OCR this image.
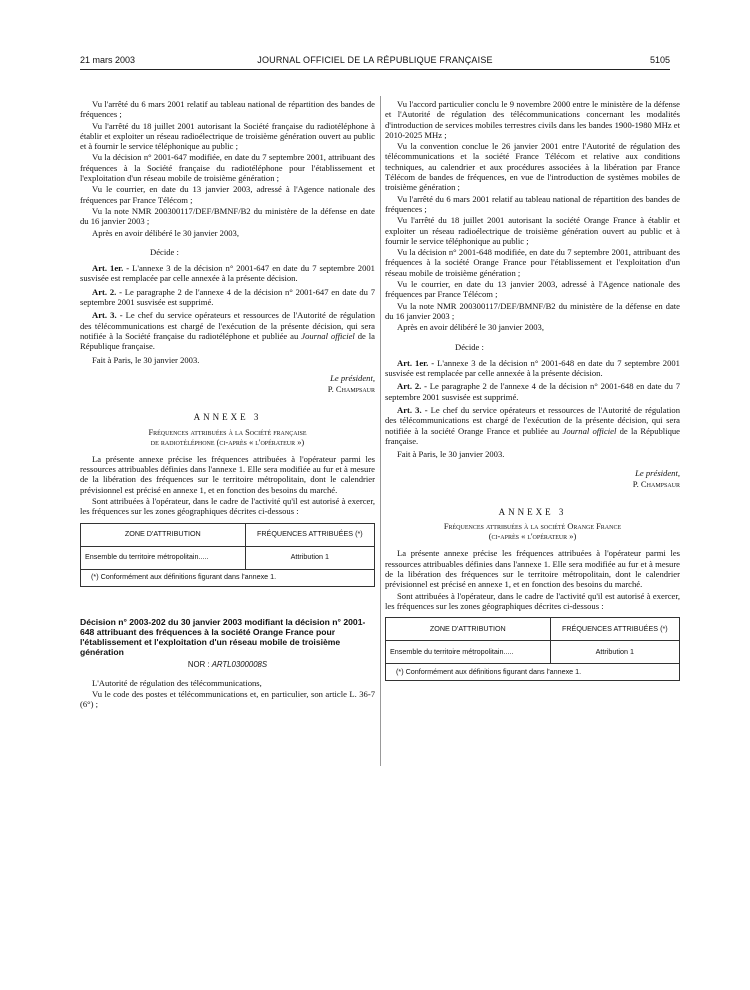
21 mars 2003	JOURNAL OFFICIEL DE LA RÉPUBLIQUE FRANÇAISE	5105

Vu l'arrêté du 6 mars 2001 relatif au tableau national de répartition des bandes de fréquences ;

Vu l'arrêté du 18 juillet 2001 autorisant la Société française du radiotéléphone à établir et exploiter un réseau radioélectrique de troisième génération ouvert au public et à fournir le service téléphonique au public ;

Vu la décision n° 2001-647 modifiée, en date du 7 septembre 2001, attribuant des fréquences à la Société française du radiotéléphone pour l'établissement et l'exploitation d'un réseau mobile de troisième génération ;

Vu le courrier, en date du 13 janvier 2003, adressé à l'Agence nationale des fréquences par France Télécom ;

Vu la note NMR 200300117/DEF/BMNF/B2 du ministère de la défense en date du 16 janvier 2003 ;

Après en avoir délibéré le 30 janvier 2003,

Décide :

Art. 1er. - L'annexe 3 de la décision n° 2001-647 en date du 7 septembre 2001 susvisée est remplacée par celle annexée à la présente décision.

Art. 2. - Le paragraphe 2 de l'annexe 4 de la décision n° 2001-647 en date du 7 septembre 2001 susvisée est supprimé.

Art. 3. - Le chef du service opérateurs et ressources de l'Autorité de régulation des télécommunications est chargé de l'exécution de la présente décision, qui sera notifiée à la Société française du radiotéléphone et publiée au Journal officiel de la République française.

Fait à Paris, le 30 janvier 2003.

Le président,

P. Champsaur

ANNEXE 3

Fréquences attribuées à la Société française
de radiotéléphone (ci-après « l'opérateur »)

La présente annexe précise les fréquences attribuées à l'opérateur parmi les ressources attribuables définies dans l'annexe 1. Elle sera modifiée au fur et à mesure de la libération des fréquences sur le territoire métropolitain, dont le calendrier prévisionnel est précisé en annexe 1, et en fonction des besoins du marché.

Sont attribuées à l'opérateur, dans le cadre de l'activité qu'il est autorisé à exercer, les fréquences sur les zones géographiques décrites ci-dessous :

ZONE D'ATTRIBUTION	FRÉQUENCES ATTRIBUÉES (*)
Ensemble du territoire métropolitain.....	Attribution 1
(*) Conformément aux définitions figurant dans l'annexe 1.	

Décision n° 2003-202 du 30 janvier 2003 modifiant la décision n° 2001-648 attribuant des fréquences à la société Orange France pour l'établissement et l'exploitation d'un réseau mobile de troisième génération

NOR : ARTL0300008S

L'Autorité de régulation des télécommunications,

Vu le code des postes et télécommunications et, en particulier, son article L. 36-7 (6°) ;

Vu l'accord particulier conclu le 9 novembre 2000 entre le ministère de la défense et l'Autorité de régulation des télécommunications concernant les modalités d'introduction de services mobiles terrestres civils dans les bandes 1900-1980 MHz et 2010-2025 MHz ;

Vu la convention conclue le 26 janvier 2001 entre l'Autorité de régulation des télécommunications et la société France Télécom et relative aux conditions techniques, au calendrier et aux procédures associées à la libération par France Télécom de bandes de fréquences, en vue de l'introduction de systèmes mobiles de troisième génération ;

Vu l'arrêté du 6 mars 2001 relatif au tableau national de répartition des bandes de fréquences ;

Vu l'arrêté du 18 juillet 2001 autorisant la société Orange France à établir et exploiter un réseau radioélectrique de troisième génération ouvert au public et à fournir le service téléphonique au public ;

Vu la décision n° 2001-648 modifiée, en date du 7 septembre 2001, attribuant des fréquences à la société Orange France pour l'établissement et l'exploitation d'un réseau mobile de troisième génération ;

Vu le courrier, en date du 13 janvier 2003, adressé à l'Agence nationale des fréquences par France Télécom ;

Vu la note NMR 200300117/DEF/BMNF/B2 du ministère de la défense en date du 16 janvier 2003 ;

Après en avoir délibéré le 30 janvier 2003,

Décide :

Art. 1er. - L'annexe 3 de la décision n° 2001-648 en date du 7 septembre 2001 susvisée est remplacée par celle annexée à la présente décision.

Art. 2. - Le paragraphe 2 de l'annexe 4 de la décision n° 2001-648 en date du 7 septembre 2001 susvisée est supprimé.

Art. 3. - Le chef du service opérateurs et ressources de l'Autorité de régulation des télécommunications est chargé de l'exécution de la présente décision, qui sera notifiée à la société Orange France et publiée au Journal officiel de la République française.

Fait à Paris, le 30 janvier 2003.

Le président,

P. Champsaur

ANNEXE 3

Fréquences attribuées à la société Orange France
(ci-après « l'opérateur »)

La présente annexe précise les fréquences attribuées à l'opérateur parmi les ressources attribuables définies dans l'annexe 1. Elle sera modifiée au fur et à mesure de la libération des fréquences sur le territoire métropolitain, dont le calendrier prévisionnel est précisé en annexe 1, et en fonction des besoins du marché.

Sont attribuées à l'opérateur, dans le cadre de l'activité qu'il est autorisé à exercer, les fréquences sur les zones géographiques décrites ci-dessous :

ZONE D'ATTRIBUTION	FRÉQUENCES ATTRIBUÉES (*)
Ensemble du territoire métropolitain.....	Attribution 1
(*) Conformément aux définitions figurant dans l'annexe 1.	
